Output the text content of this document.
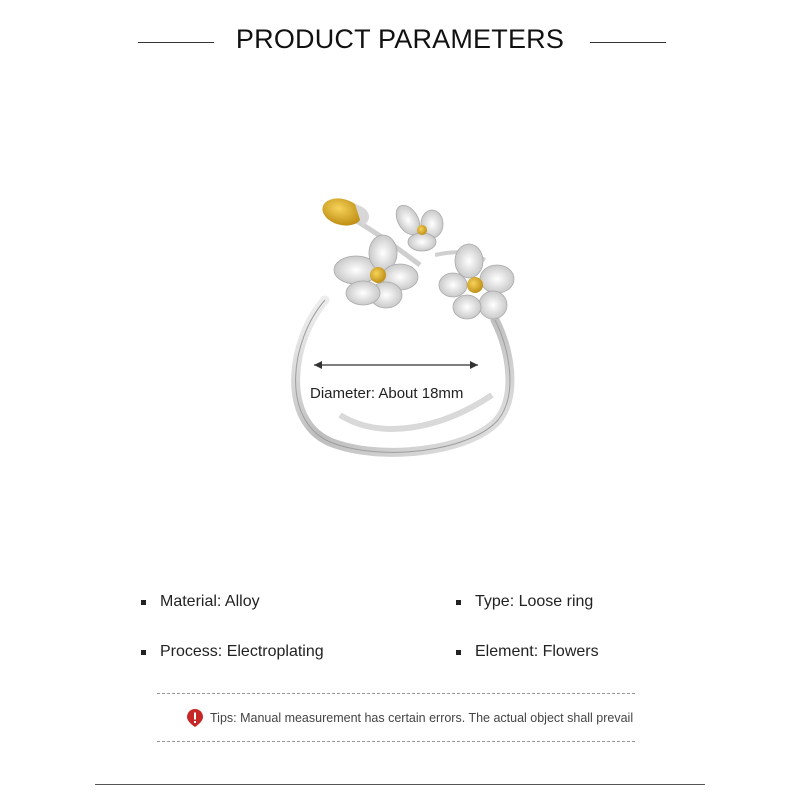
PRODUCT PARAMETERS
Diameter: About 18mm
Material: Alloy	Type: Loose ring
Process: Electroplating	Element: Flowers
Tips: Manual measurement has certain errors. The actual object shall prevail
